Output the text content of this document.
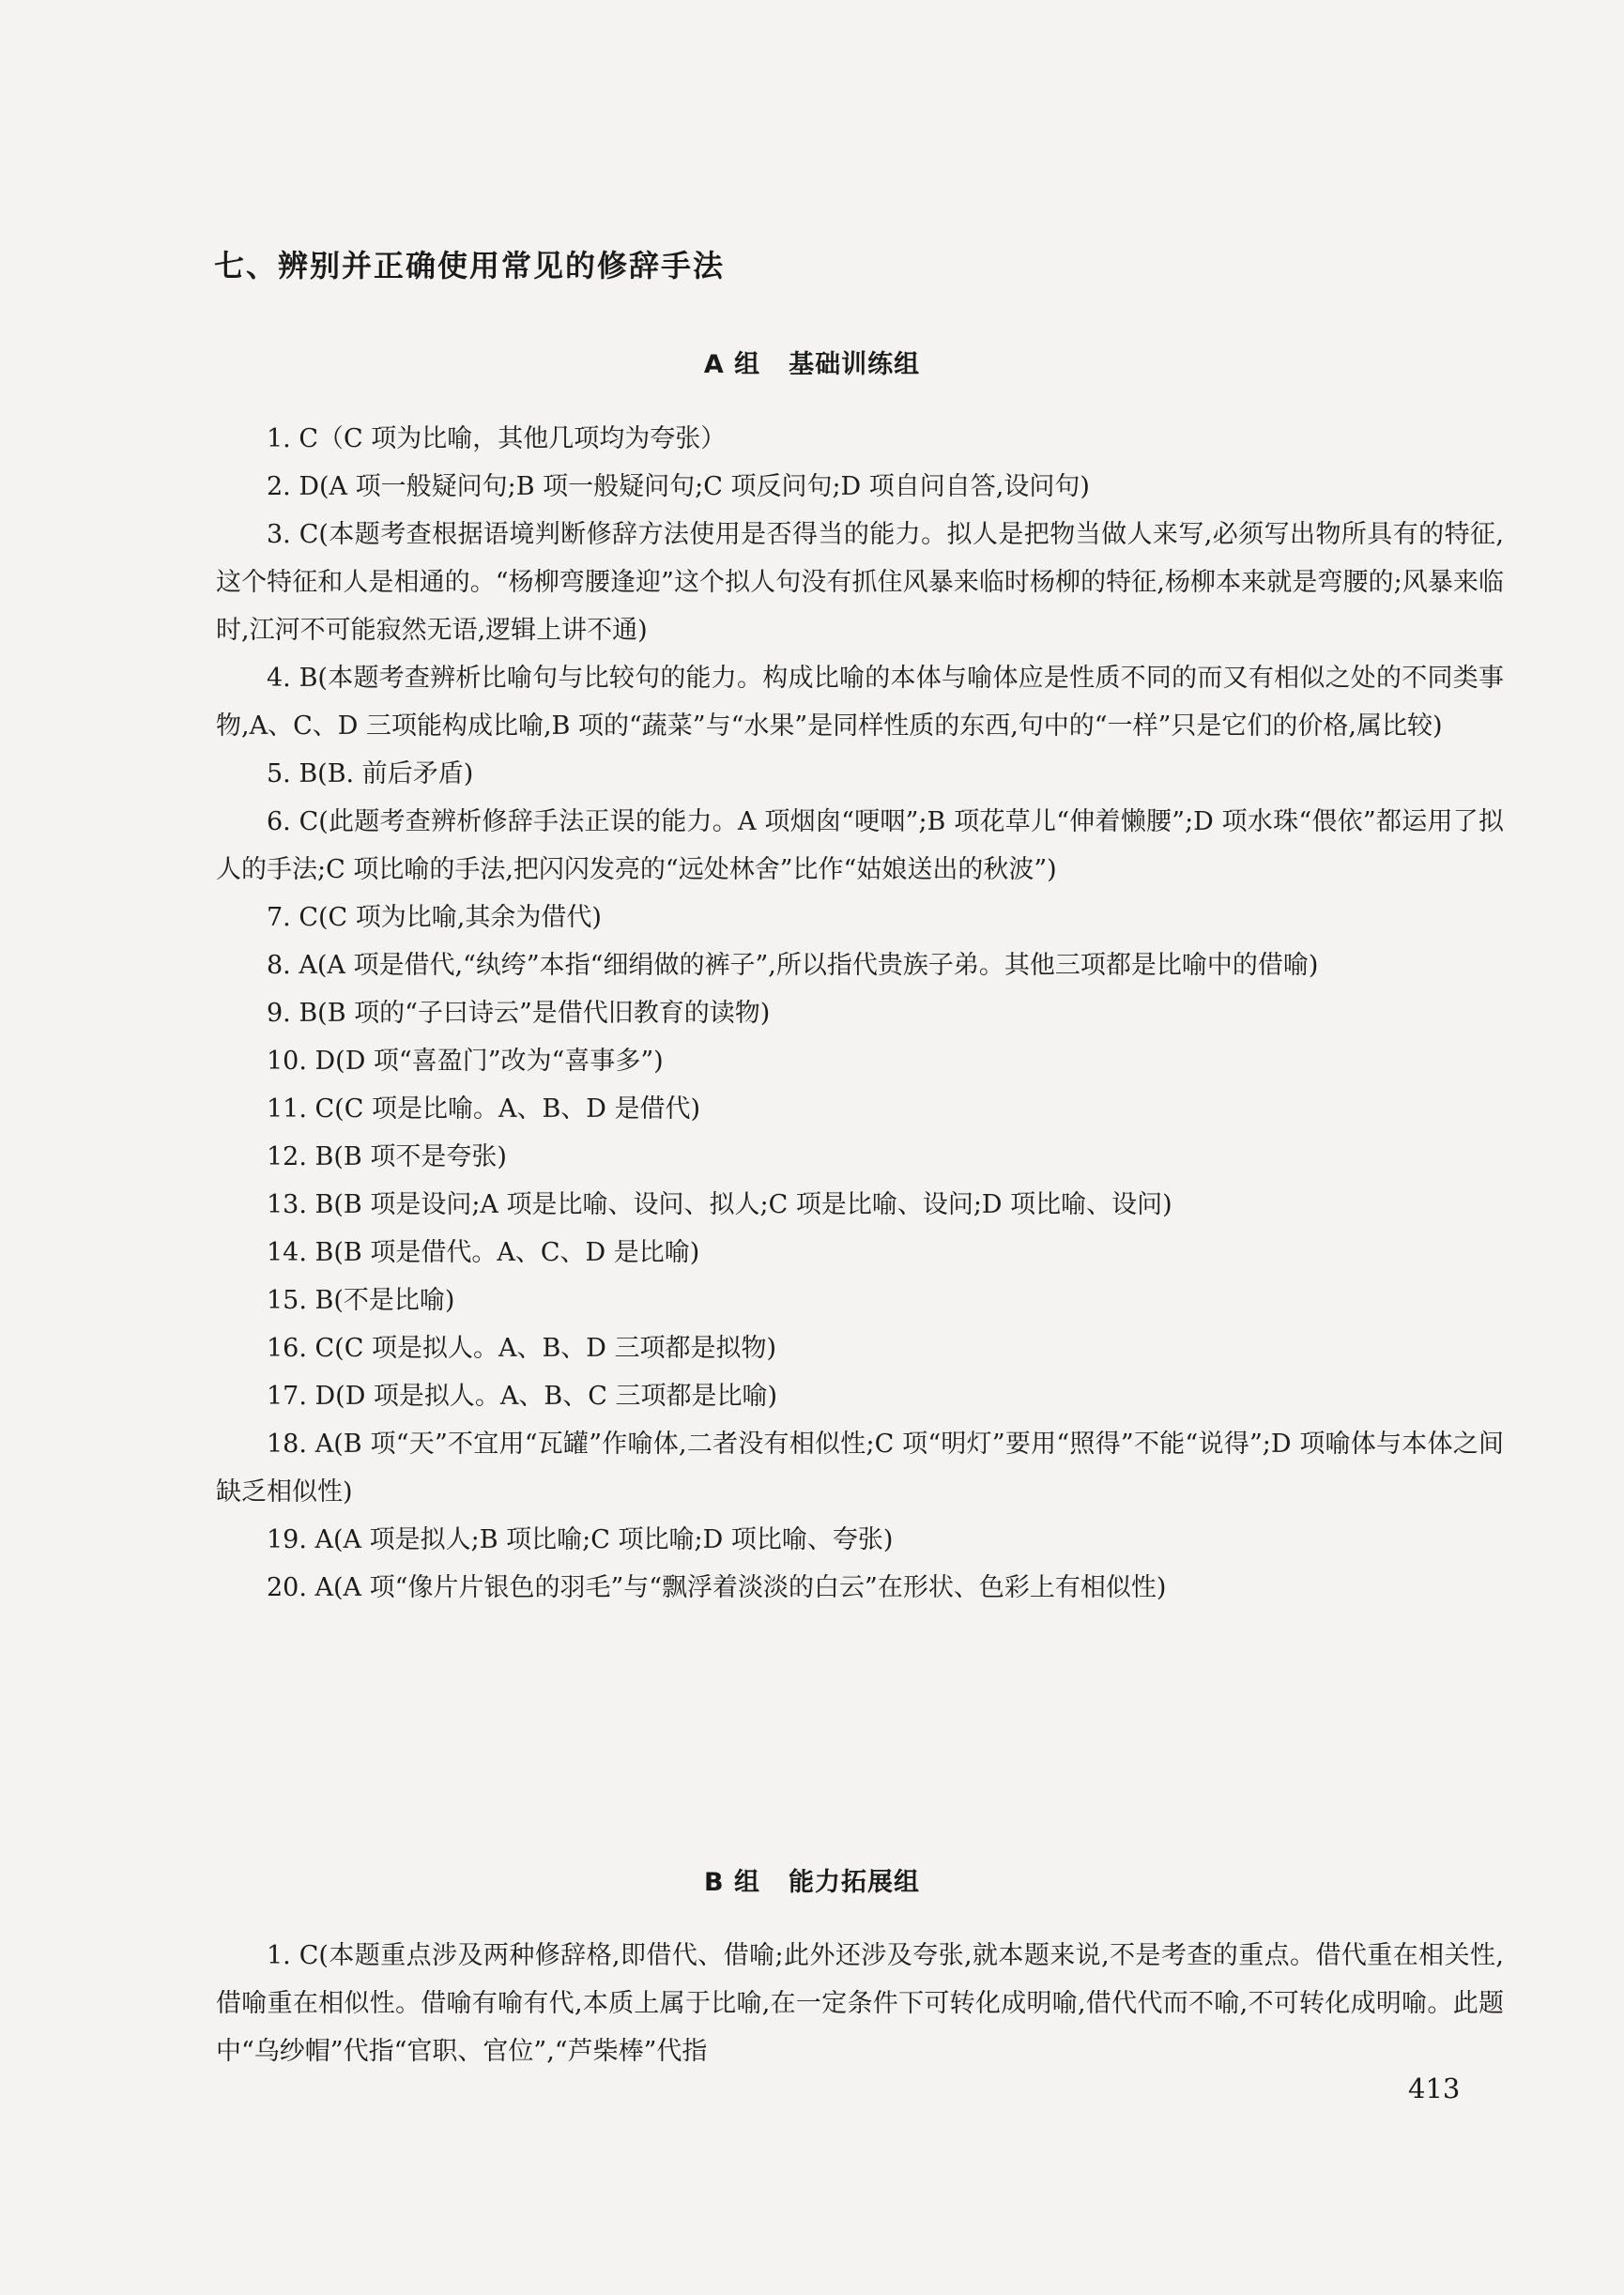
七、辨别并正确使用常见的修辞手法
A 组 基础训练组
1. C（C 项为比喻，其他几项均为夸张）
2. D(A 项一般疑问句;B 项一般疑问句;C 项反问句;D 项自问自答,设问句)
3. C(本题考查根据语境判断修辞方法使用是否得当的能力。拟人是把物当做人来写,必须写出物所具有的特征,这个特征和人是相通的。“杨柳弯腰逢迎”这个拟人句没有抓住风暴来临时杨柳的特征,杨柳本来就是弯腰的;风暴来临时,江河不可能寂然无语,逻辑上讲不通)
4. B(本题考查辨析比喻句与比较句的能力。构成比喻的本体与喻体应是性质不同的而又有相似之处的不同类事物,A、C、D 三项能构成比喻,B 项的“蔬菜”与“水果”是同样性质的东西,句中的“一样”只是它们的价格,属比较)
5. B(B. 前后矛盾)
6. C(此题考查辨析修辞手法正误的能力。A 项烟囱“哽咽”;B 项花草儿“伸着懒腰”;D 项水珠“偎依”都运用了拟人的手法;C 项比喻的手法,把闪闪发亮的“远处林舍”比作“姑娘送出的秋波”)
7. C(C 项为比喻,其余为借代)
8. A(A 项是借代,“纨绔”本指“细绢做的裤子”,所以指代贵族子弟。其他三项都是比喻中的借喻)
9. B(B 项的“子曰诗云”是借代旧教育的读物)
10. D(D 项“喜盈门”改为“喜事多”)
11. C(C 项是比喻。A、B、D 是借代)
12. B(B 项不是夸张)
13. B(B 项是设问;A 项是比喻、设问、拟人;C 项是比喻、设问;D 项比喻、设问)
14. B(B 项是借代。A、C、D 是比喻)
15. B(不是比喻)
16. C(C 项是拟人。A、B、D 三项都是拟物)
17. D(D 项是拟人。A、B、C 三项都是比喻)
18. A(B 项“天”不宜用“瓦罐”作喻体,二者没有相似性;C 项“明灯”要用“照得”不能“说得”;D 项喻体与本体之间缺乏相似性)
19. A(A 项是拟人;B 项比喻;C 项比喻;D 项比喻、夸张)
20. A(A 项“像片片银色的羽毛”与“飘浮着淡淡的白云”在形状、色彩上有相似性)
B 组 能力拓展组
1. C(本题重点涉及两种修辞格,即借代、借喻;此外还涉及夸张,就本题来说,不是考查的重点。借代重在相关性,借喻重在相似性。借喻有喻有代,本质上属于比喻,在一定条件下可转化成明喻,借代代而不喻,不可转化成明喻。此题中“乌纱帽”代指“官职、官位”,“芦柴棒”代指

413
